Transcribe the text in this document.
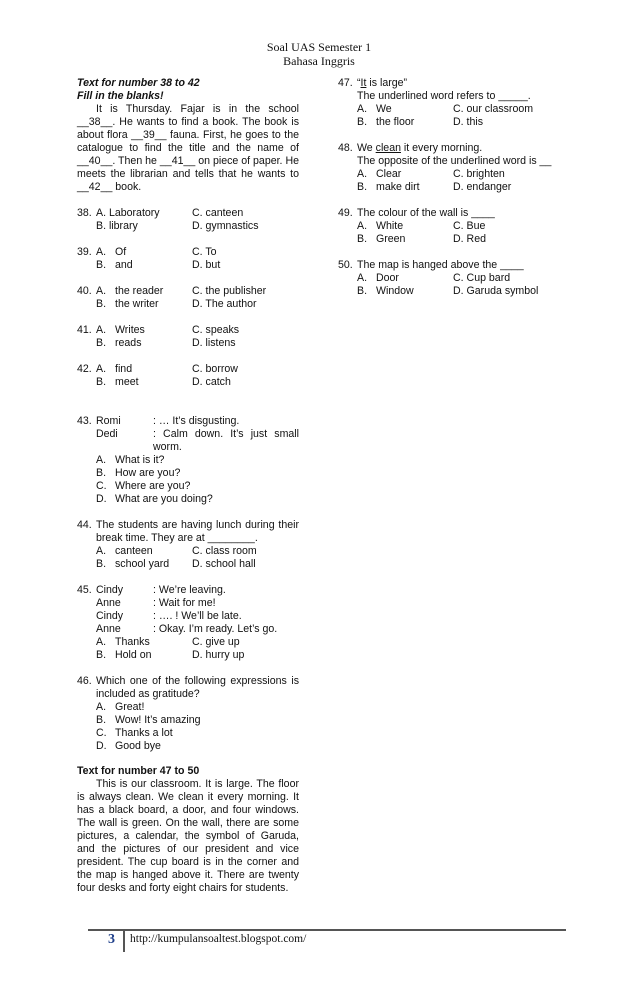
Soal UAS Semester 1
Bahasa Inggris
Text for number 38 to 42
Fill in the blanks!
It is Thursday. Fajar is in the school __38__. He wants to find a book. The book is about flora __39__ fauna. First, he goes to the catalogue to find the title and the name of __40__. Then he __41__ on piece of paper. He meets the librarian and tells that he wants to __42__ book.
38. A. Laboratory	C. canteen
B. library	D. gymnastics
39. A. Of	C. To
B. and	D. but
40. A. the reader	C. the publisher
B. the writer	D. The author
41. A. Writes	C. speaks
B. reads	D. listens
42. A. find	C. borrow
B. meet	D. catch
43. Romi	: … It’s disgusting.
Dedi	: Calm down. It’s just small worm.
A. What is it?
B. How are you?
C. Where are you?
D. What are you doing?
44. The students are having lunch during their break time. They are at ________.
A. canteen	C. class room
B. school yard D. school hall
45. Cindy	: We’re leaving.
Anne	: Wait for me!
Cindy	: …. ! We’ll be late.
Anne	: Okay. I’m ready. Let’s go.
A. Thanks	C. give up
B. Hold on	D. hurry up
46. Which one of the following expressions is included as gratitude?
A. Great!
B. Wow! It’s amazing
C. Thanks a lot
D. Good bye
Text for number 47 to 50
This is our classroom. It is large. The floor is always clean. We clean it every morning. It has a black board, a door, and four windows. The wall is green. On the wall, there are some pictures, a calendar, the symbol of Garuda, and the pictures of our president and vice president. The cup board is in the corner and the map is hanged above it. There are twenty four desks and forty eight chairs for students.
47. “It is large”
The underlined word refers to _____.
A. We	C. our classroom
B. the floor	D. this
48. We clean it every morning.
The opposite of the underlined word is __
A. Clear	C. brighten
B. make dirt	D. endanger
49. The colour of the wall is ____
A. White	C. Bue
B. Green	D. Red
50. The map is hanged above the ____
A. Door	C. Cup bard
B. Window	D. Garuda symbol
3 http://kumpulansoaltest.blogspot.com/
